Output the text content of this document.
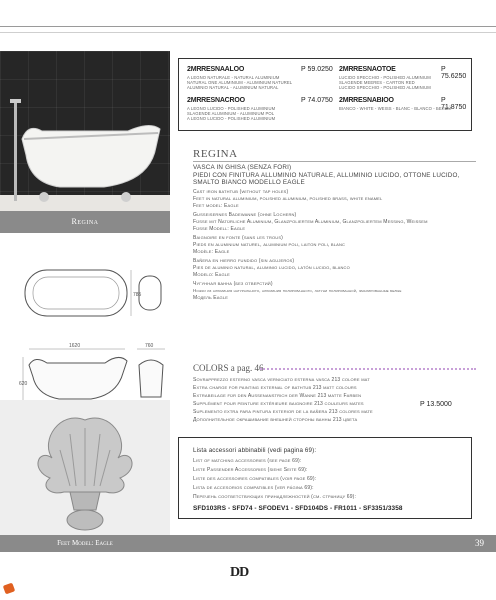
Regina
2MRRESNAALOO	P 59.0250
A LEGNO NATURALE - NATURAL ALUMINIUM
NATURAL ONE ALUMINIUM - ALUMINIUM NATUREL
ALUMINIO NATURAL - ALUMINIUM NATURAL
2MRRESNAOTOE	P 75.6250
LUCIDO SPECCHIO - POLISHED ALUMINIUM
SLAGENDE MEERES - CARTON RED
LUCIDO SPECCHIO - POLISHED ALUMINIUM
2MRRESNACROO	P 74.0750
A LEGNO LUCIDO - POLISHED ALUMINIUM
SLAGENDE ALUMINIUM - ALUMINIUM POL
A LEGNO LUCIDO - POLISHED ALUMINIUM
2MRRESNABIOO	P 71.8750
BIANCO - WHITE - WEISS - BLANC - BLANCO - БЕЛЫЙ
REGINA
VASCA IN GHISA (SENZA FORI)
PIEDI CON FINITURA ALLUMINIO NATURALE, ALLUMINIO LUCIDO, OTTONE LUCIDO, SMALTO BIANCO MODELLO EAGLE
Cast iron bathtub (without tap holes)
Feet in natural aluminium, polished aluminium, polished brass, white enamel
Feet model: Eagle
Gusseisernes Badewanne (ohne Lochern)
Füsse mit Natürliche Aluminium, Glanzpoliertem Aluminium, Glanzpoliertem Messing, Weissem
Füsse Modell: Eagle
Baignoire en fonte (sans les trous)
Pieds en aluminium naturel, aluminium poli, laiton poli, blanc
Modèle: Eagle
Bañera en hierro fundido (sin agujeros)
Pies de aluminio natural, aluminio lucido, latón lucido, blanco
Modelo: Eagle
Чугунная ванна (без отверстий)
Ножки из алюминия натурального, алюминия полированного, латуни полированной, эмалированные белые
Модель Eagle
785
1620	760
620
COLORS a pag. 46
Sovrapprezzo esterno vasca verniciato esterna vasca 213 colore mat
Extra charge for painting external of bathtub 213 matt colours
Extrabeilage für den Aussenanstrich der Wanne 213 matte Farben
Supplément pour peinture extérieure baignoire 213 couleurs mates
Suplemento extra para pintura exterior de la bañera 213 colores mate
Дополнительное окрашивание внешней стороны ванны 213 цвета
P 13.5000
Lista accessori abbinabili (vedi pagina 69):
List of matching accessories (see page 69):
Liste Passender Accessories (siehe Seite 69):
Liste des accessoires compatibles (voir page 69):
Lista de accesorios compatibles (ver página 69):
Перечень соответствующих принадлежностей (см. страницу 69):
SFD103RS - SFD74 - SFODEV1 - SFD104DS - FR1011 - SF3351/3358
Feet Model: Eagle	39
DD
